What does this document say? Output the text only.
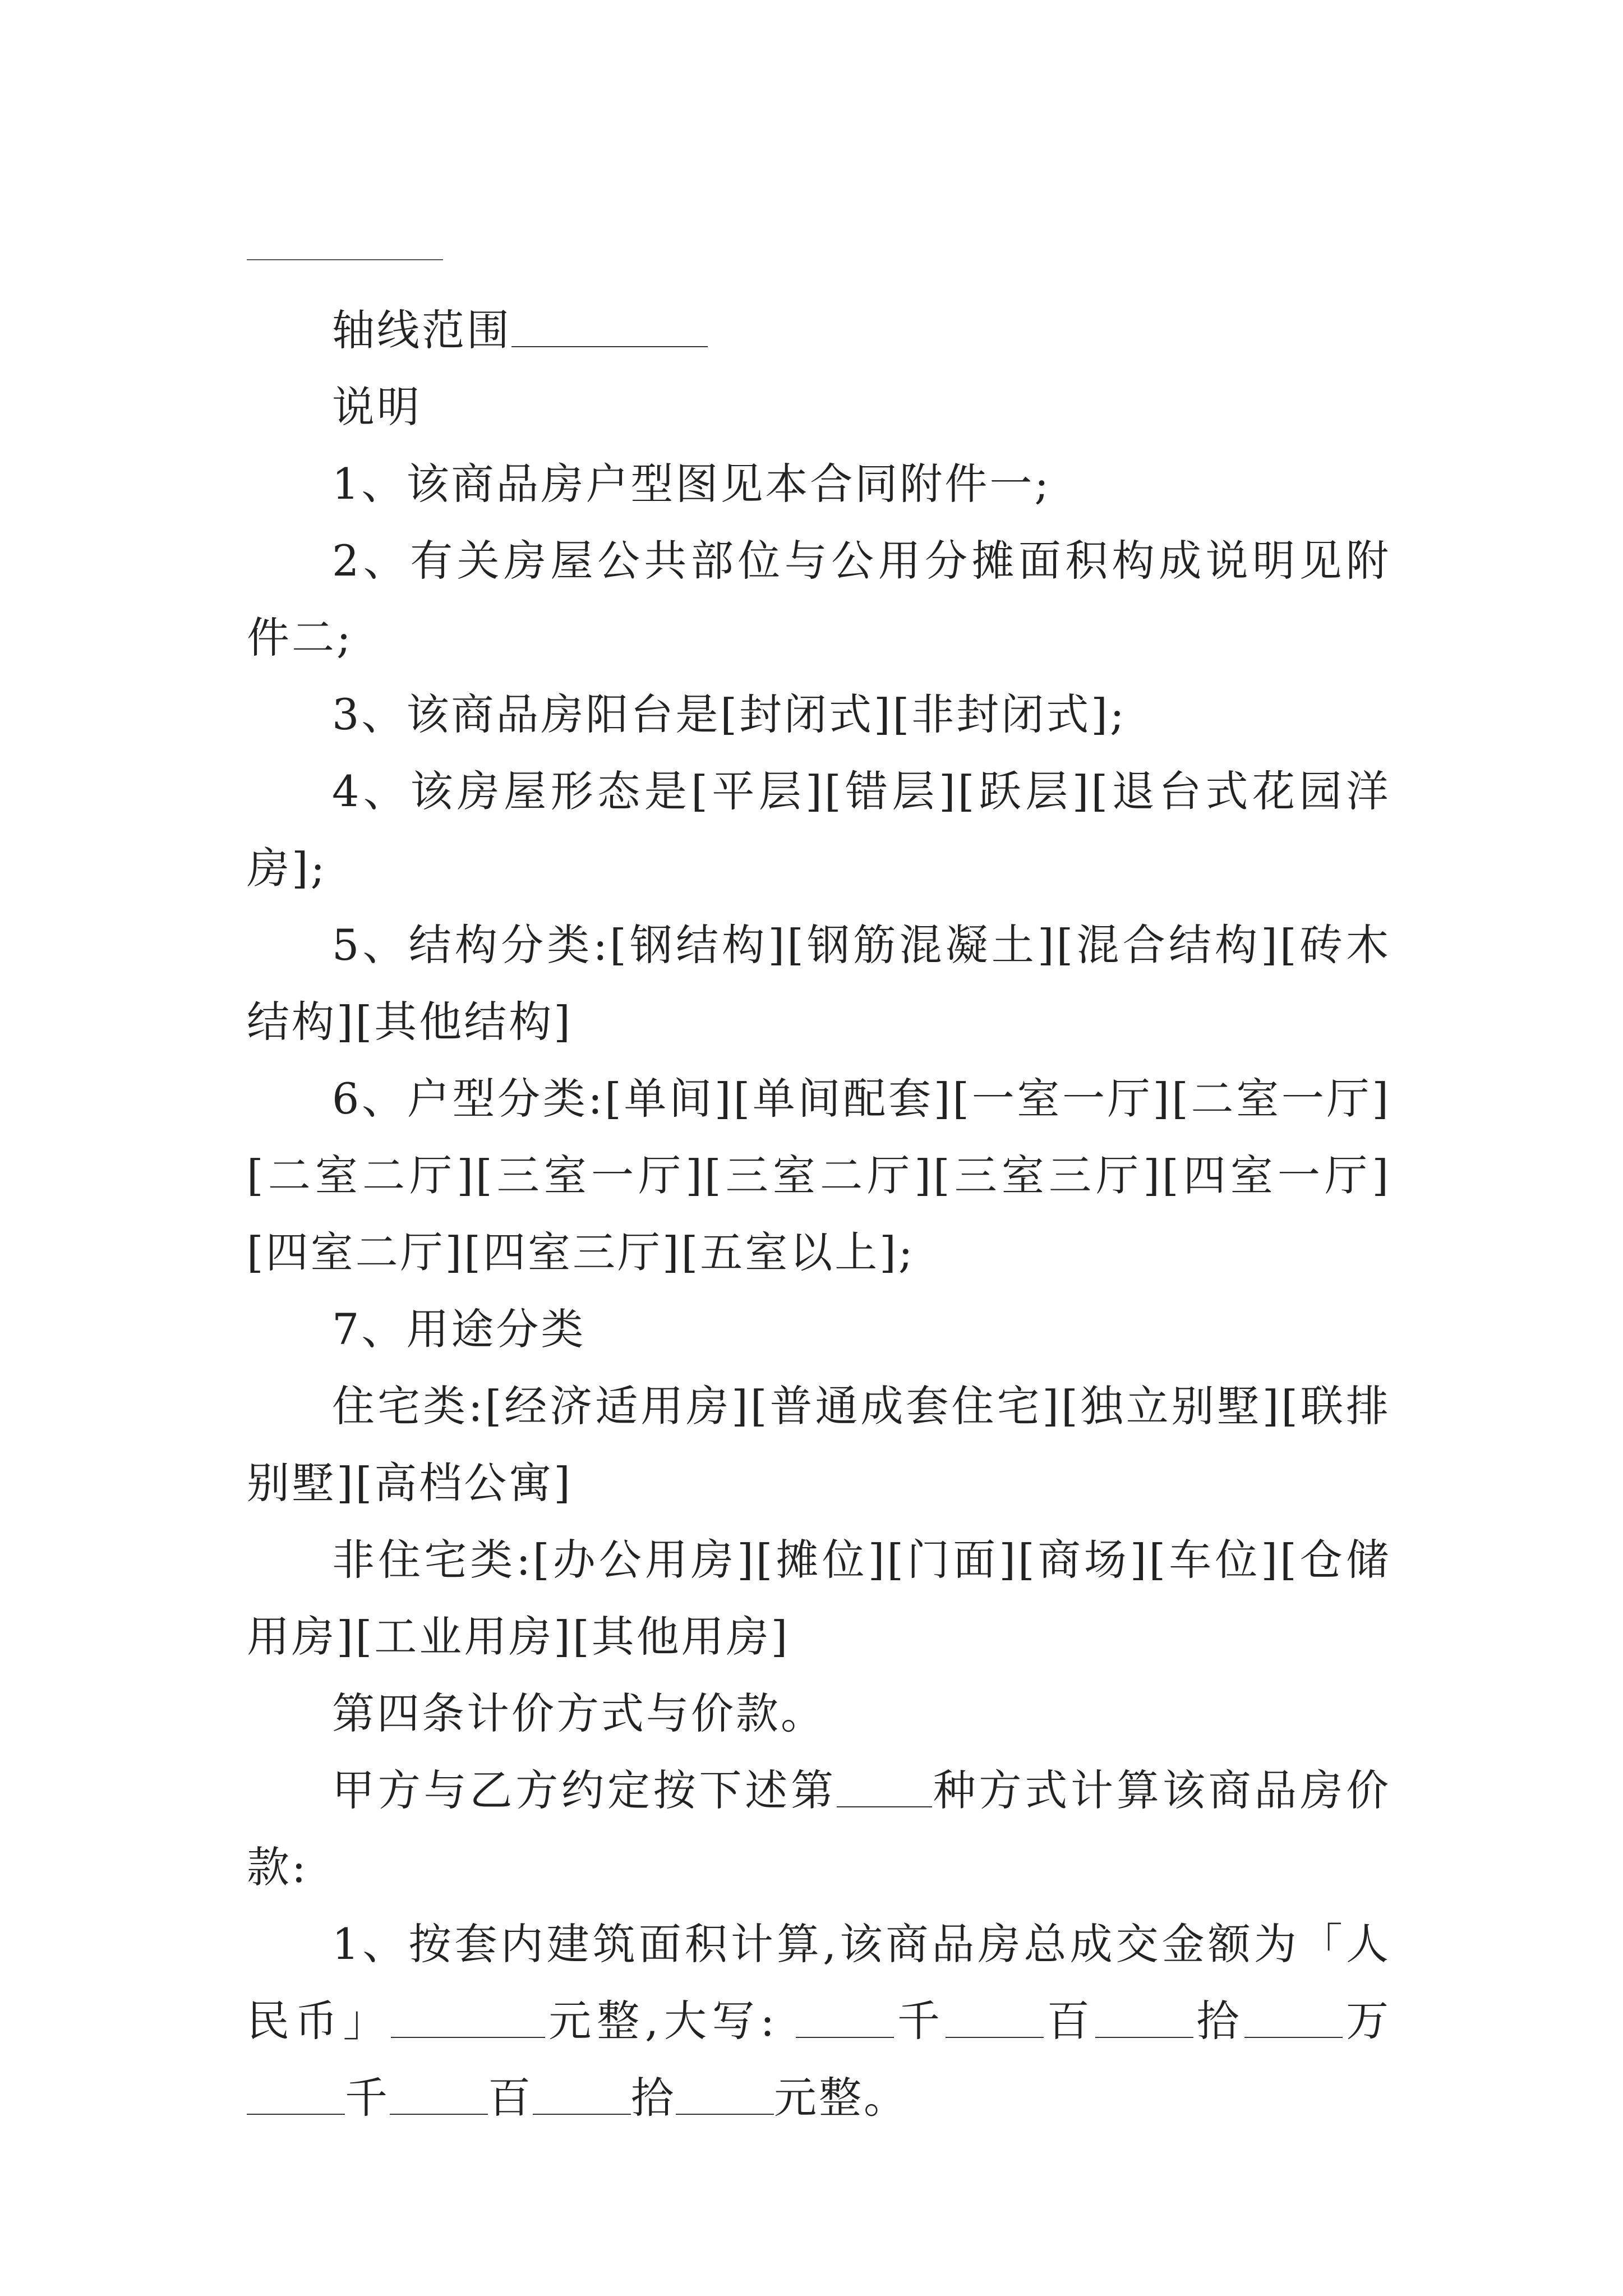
轴线范围

说明

1、该商品房户型图见本合同附件一;

2、有关房屋公共部位与公用分摊面积构成说明见附件二;

3、该商品房阳台是[封闭式][非封闭式];

4、该房屋形态是[平层][错层][跃层][退台式花园洋房];

5、结构分类:[钢结构][钢筋混凝土][混合结构][砖木结构][其他结构]

6、户型分类:[单间][单间配套][一室一厅][二室一厅][二室二厅][三室一厅][三室二厅][三室三厅][四室一厅][四室二厅][四室三厅][五室以上];

7、用途分类

住宅类:[经济适用房][普通成套住宅][独立别墅][联排别墅][高档公寓]

非住宅类:[办公用房][摊位][门面][商场][车位][仓储用房][工业用房][其他用房]

第四条计价方式与价款。

甲方与乙方约定按下述第 种方式计算该商品房价款:

1、按套内建筑面积计算,该商品房总成交金额为「人民币」	元整,大写:	千 百 拾 万千 百 拾 元整。
